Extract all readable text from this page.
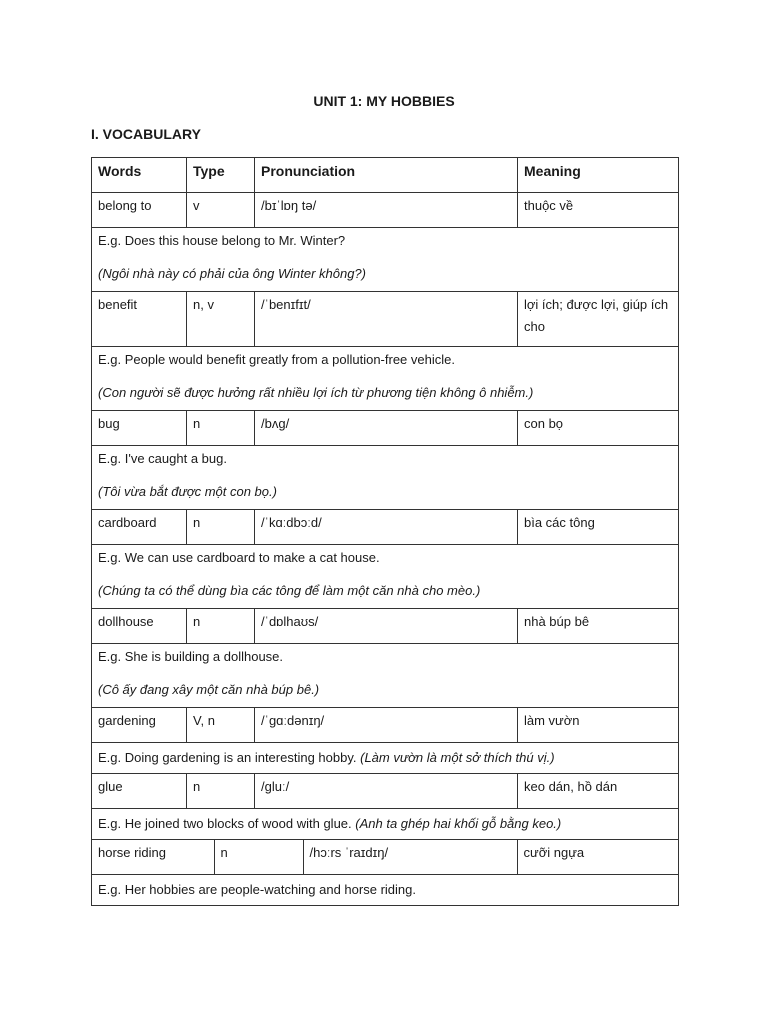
UNIT 1: MY HOBBIES
I. VOCABULARY
Words	Type	Pronunciation	Meaning
belong to	v	/bɪˈlɒŋ tə/	thuộc về

E.g. Does this house belong to Mr. Winter?
(Ngôi nhà này có phải của ông Winter không?)

benefit	n, v	/ˈbenɪfɪt/	lợi ích; được lợi, giúp ích cho

E.g. People would benefit greatly from a pollution-free vehicle.
(Con người sẽ được hưởng rất nhiều lợi ích từ phương tiện không ô nhiễm.)

bug	n	/bʌg/	con bọ

E.g. I've caught a bug.
(Tôi vừa bắt được một con bọ.)

cardboard	n	/ˈkɑːdbɔːd/	bìa các tông

E.g. We can use cardboard to make a cat house.
(Chúng ta có thể dùng bìa các tông để làm một căn nhà cho mèo.)

dollhouse	n	/ˈdɒlhaʊs/	nhà búp bê

E.g. She is building a dollhouse.
(Cô ấy đang xây một căn nhà búp bê.)

gardening	V, n	/ˈgɑːdənɪŋ/	làm vườn

E.g. Doing gardening is an interesting hobby. (Làm vườn là một sở thích thú vị.)

glue	n	/gluː/	keo dán, hồ dán

E.g. He joined two blocks of wood with glue. (Anh ta ghép hai khối gỗ bằng keo.)

horse riding	n	/hɔːrs ˈraɪdɪŋ/	cưỡi ngựa

E.g. Her hobbies are people-watching and horse riding.
